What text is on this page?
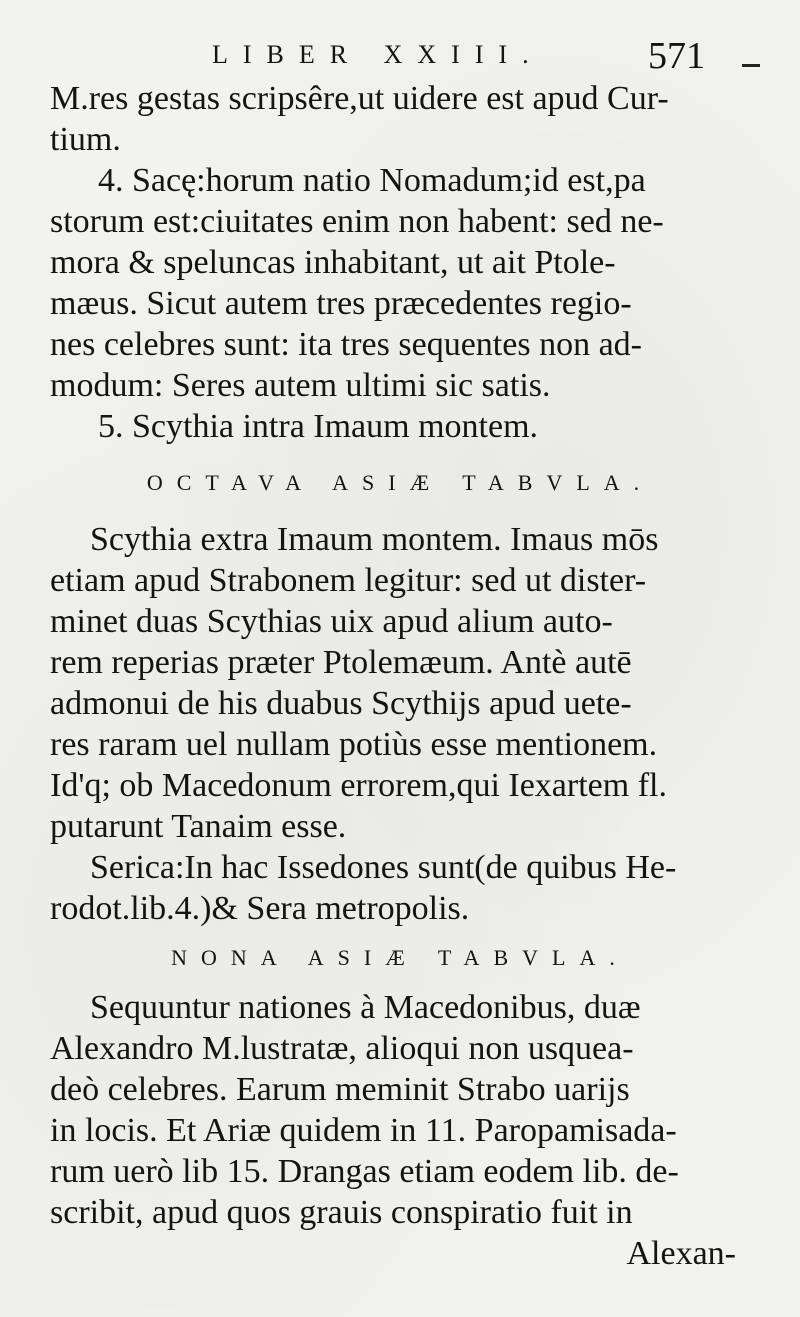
LIBER XXIII.	571
M.res gestas scripsêre,ut uidere est apud Cur-
tium.
4. Sacę:horum natio Nomadum;id est,pa
storum est:ciuitates enim non habent: sed ne-
mora & speluncas inhabitant, ut ait Ptole-
mæus. Sicut autem tres præcedentes regio-
nes celebres sunt: ita tres sequentes non ad-
modum: Seres autem ultimi sic satis.
5. Scythia intra Imaum montem.
OCTAVA ASIÆ TABVLA.
Scythia extra Imaum montem. Imaus mōs
etiam apud Strabonem legitur: sed ut dister-
minet duas Scythias uix apud alium auto-
rem reperias præter Ptolemæum. Antè autē
admonui de his duabus Scythijs apud uete-
res raram uel nullam potiùs esse mentionem.
Id'q; ob Macedonum errorem,qui Iexartem fl.
putarunt Tanaim esse.
Serica:In hac Issedones sunt(de quibus He-
rodot.lib.4.)& Sera metropolis.
NONA ASIÆ TABVLA.
Sequuntur nationes à Macedonibus, duæ
Alexandro M.lustratæ, alioqui non usquea-
deò celebres. Earum meminit Strabo uarijs
in locis. Et Ariæ quidem in 11. Paropamisada-
rum uerò lib 15. Drangas etiam eodem lib. de-
scribit, apud quos grauis conspiratio fuit in
Alexan-
